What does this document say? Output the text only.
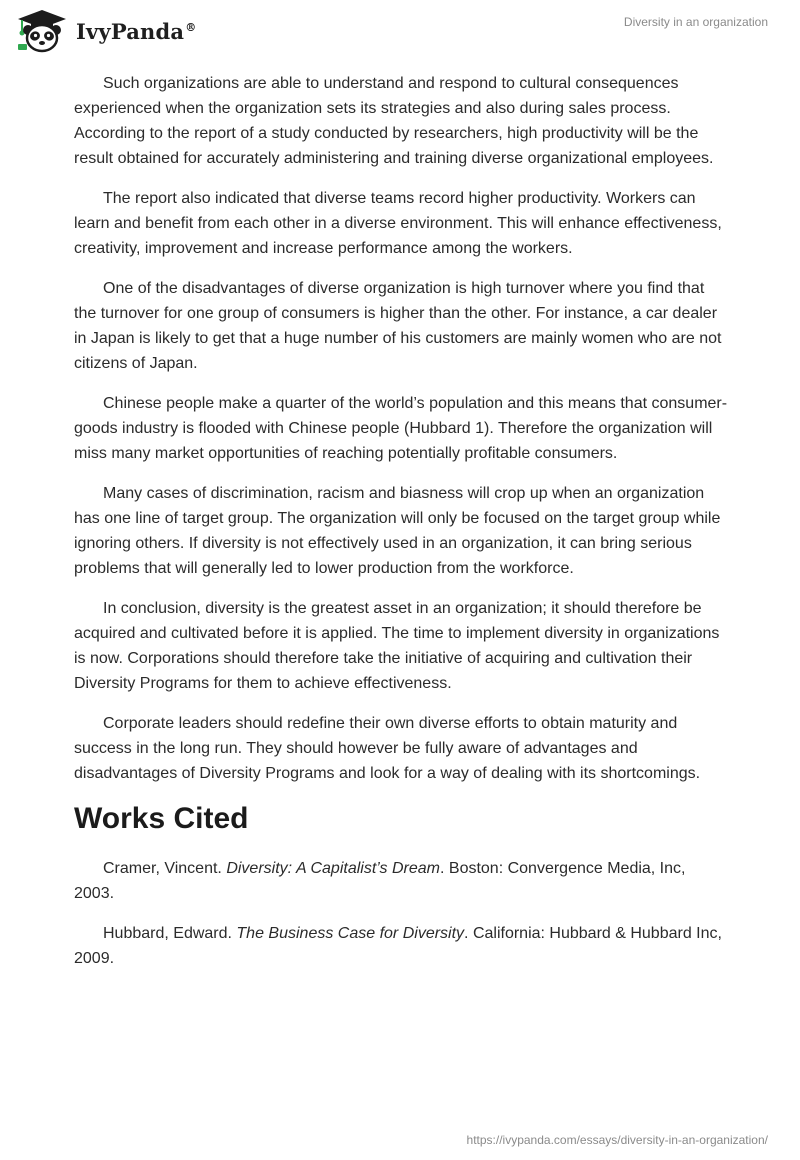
IvyPanda®	Diversity in an organization

Such organizations are able to understand and respond to cultural consequences experienced when the organization sets its strategies and also during sales process. According to the report of a study conducted by researchers, high productivity will be the result obtained for accurately administering and training diverse organizational employees.

The report also indicated that diverse teams record higher productivity. Workers can learn and benefit from each other in a diverse environment. This will enhance effectiveness, creativity, improvement and increase performance among the workers.

One of the disadvantages of diverse organization is high turnover where you find that the turnover for one group of consumers is higher than the other. For instance, a car dealer in Japan is likely to get that a huge number of his customers are mainly women who are not citizens of Japan.

Chinese people make a quarter of the world’s population and this means that consumer-goods industry is flooded with Chinese people (Hubbard 1). Therefore the organization will miss many market opportunities of reaching potentially profitable consumers.

Many cases of discrimination, racism and biasness will crop up when an organization has one line of target group. The organization will only be focused on the target group while ignoring others. If diversity is not effectively used in an organization, it can bring serious problems that will generally led to lower production from the workforce.

In conclusion, diversity is the greatest asset in an organization; it should therefore be acquired and cultivated before it is applied. The time to implement diversity in organizations is now. Corporations should therefore take the initiative of acquiring and cultivation their Diversity Programs for them to achieve effectiveness.

Corporate leaders should redefine their own diverse efforts to obtain maturity and success in the long run. They should however be fully aware of advantages and disadvantages of Diversity Programs and look for a way of dealing with its shortcomings.

Works Cited

Cramer, Vincent. Diversity: A Capitalist’s Dream. Boston: Convergence Media, Inc, 2003.

Hubbard, Edward. The Business Case for Diversity. California: Hubbard & Hubbard Inc, 2009.

https://ivypanda.com/essays/diversity-in-an-organization/
